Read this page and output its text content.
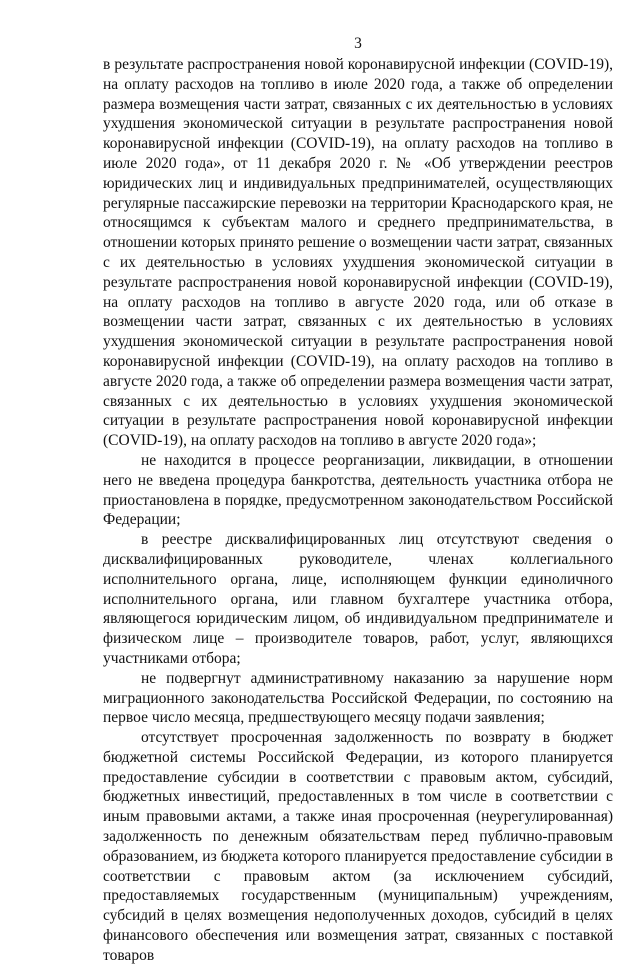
3

в результате распространения новой коронавирусной инфекции (COVID-19), на оплату расходов на топливо в июле 2020 года, а также об определении размера возмещения части затрат, связанных с их деятельностью в условиях ухудшения экономической ситуации в результате распространения новой коронавирусной инфекции (COVID-19), на оплату расходов на топливо в июле 2020 года», от 11 декабря 2020 г. № «Об утверждении реестров юридических лиц и индивидуальных предпринимателей, осуществляющих регулярные пассажирские перевозки на территории Краснодарского края, не относящимся к субъектам малого и среднего предпринимательства, в отношении которых принято решение о возмещении части затрат, связанных с их деятельностью в условиях ухудшения экономической ситуации в результате распространения новой коронавирусной инфекции (COVID-19), на оплату расходов на топливо в августе 2020 года, или об отказе в возмещении части затрат, связанных с их деятельностью в условиях ухудшения экономической ситуации в результате распространения новой коронавирусной инфекции (COVID-19), на оплату расходов на топливо в августе 2020 года, а также об определении размера возмещения части затрат, связанных с их деятельностью в условиях ухудшения экономической ситуации в результате распространения новой коронавирусной инфекции (COVID-19), на оплату расходов на топливо в августе 2020 года»;

не находится в процессе реорганизации, ликвидации, в отношении него не введена процедура банкротства, деятельность участника отбора не приостановлена в порядке, предусмотренном законодательством Российской Федерации;

в реестре дисквалифицированных лиц отсутствуют сведения о дисквалифицированных руководителе, членах коллегиального исполнительного органа, лице, исполняющем функции единоличного исполнительного органа, или главном бухгалтере участника отбора, являющегося юридическим лицом, об индивидуальном предпринимателе и физическом лице – производителе товаров, работ, услуг, являющихся участниками отбора;

не подвергнут административному наказанию за нарушение норм миграционного законодательства Российской Федерации, по состоянию на первое число месяца, предшествующего месяцу подачи заявления;

отсутствует просроченная задолженность по возврату в бюджет бюджетной системы Российской Федерации, из которого планируется предоставление субсидии в соответствии с правовым актом, субсидий, бюджетных инвестиций, предоставленных в том числе в соответствии с иным правовыми актами, а также иная просроченная (неурегулированная) задолженность по денежным обязательствам перед публично-правовым образованием, из бюджета которого планируется предоставление субсидии в соответствии с правовым актом (за исключением субсидий, предоставляемых государственным (муниципальным) учреждениям, субсидий в целях возмещения недополученных доходов, субсидий в целях финансового обеспечения или возмещения затрат, связанных с поставкой товаров
